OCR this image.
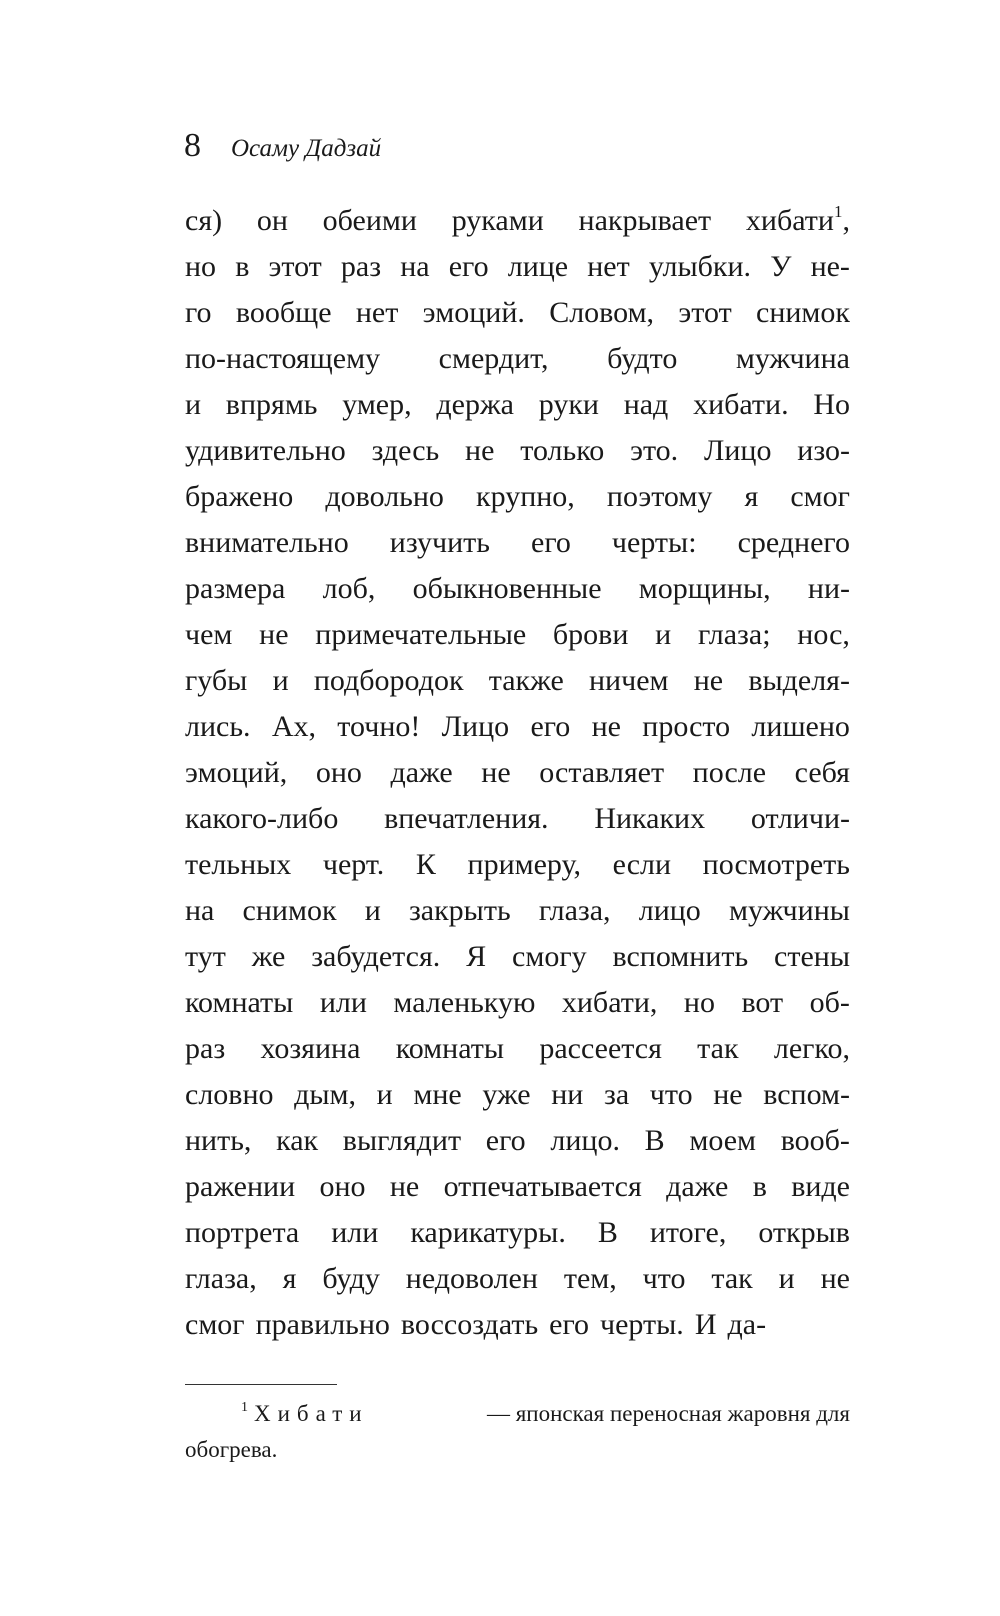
8 Осаму Дадзай
ся) он обеими руками накрывает хибати$^1$,
но в этот раз на его лице нет улыбки. У не-
го вообще нет эмоций. Словом, этот снимок
по-настоящему смердит, будто мужчина
и впрямь умер, держа руки над хибати. Но
удивительно здесь не только это. Лицо изо-
бражено довольно крупно, поэтому я смог
внимательно изучить его черты: среднего
размера лоб, обыкновенные морщины, ни-
чем не примечательные брови и глаза; нос,
губы и подбородок также ничем не выделя-
лись. Ах, точно! Лицо его не просто лишено
эмоций, оно даже не оставляет после себя
какого-либо впечатления. Никаких отличи-
тельных черт. К примеру, если посмотреть
на снимок и закрыть глаза, лицо мужчины
тут же забудется. Я смогу вспомнить стены
комнаты или маленькую хибати, но вот об-
раз хозяина комнаты рассеется так легко,
словно дым, и мне уже ни за что не вспом-
нить, как выглядит его лицо. В моем вооб-
ражении оно не отпечатывается даже в виде
портрета или карикатуры. В итоге, открыв
глаза, я буду недоволен тем, что так и не
смог правильно воссоздать его черты. И да-
$^1$ Хибати	— японская переносная жаровня для
обогрева.
